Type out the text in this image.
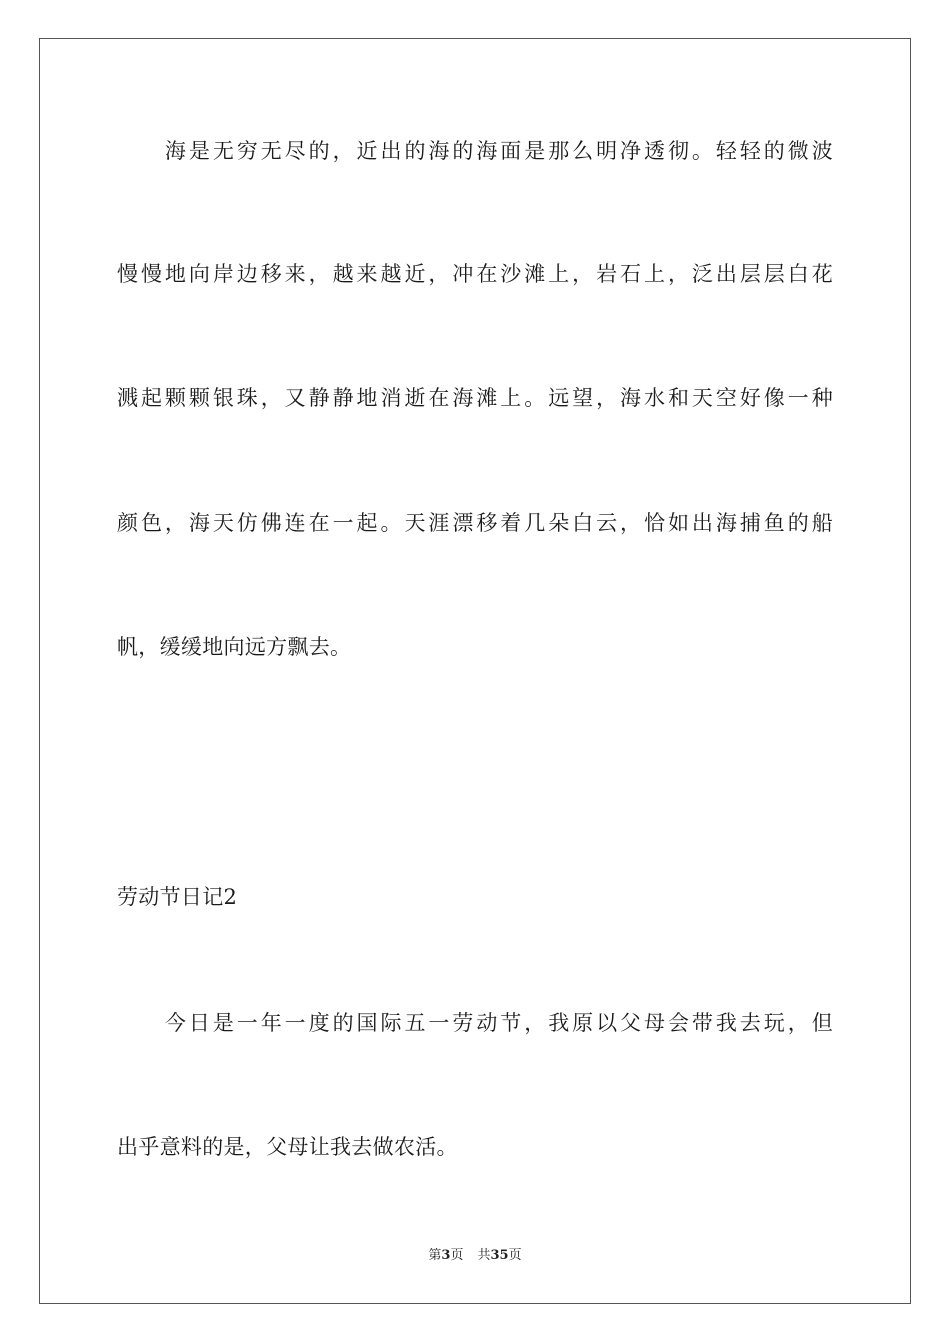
　　海是无穷无尽的，近出的海的海面是那么明净透彻。轻轻的微波
慢慢地向岸边移来，越来越近，冲在沙滩上，岩石上，泛出层层白花
溅起颗颗银珠，又静静地消逝在海滩上。远望，海水和天空好像一种
颜色，海天仿佛连在一起。天涯漂移着几朵白云，恰如出海捕鱼的船
帆，缓缓地向远方飘去。
劳动节日记2
　　今日是一年一度的国际五一劳动节，我原以父母会带我去玩，但
出乎意料的是，父母让我去做农活。
第3页 共35页
